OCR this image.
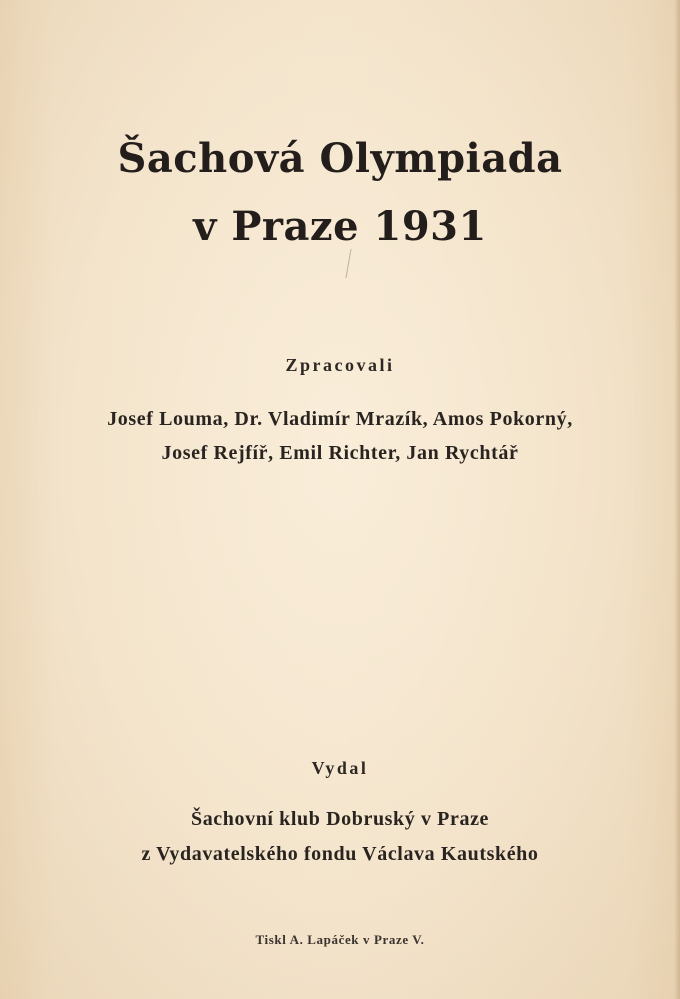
Šachová Olympiada
v Praze 1931

Zpracovali

Josef Louma, Dr. Vladimír Mrazík, Amos Pokorný,

Josef Rejfíř, Emil Richter, Jan Rychtář

Vydal

Šachovní klub Dobruský v Praze

z Vydavatelského fondu Václava Kautského

Tiskl A. Lapáček v Praze V.
